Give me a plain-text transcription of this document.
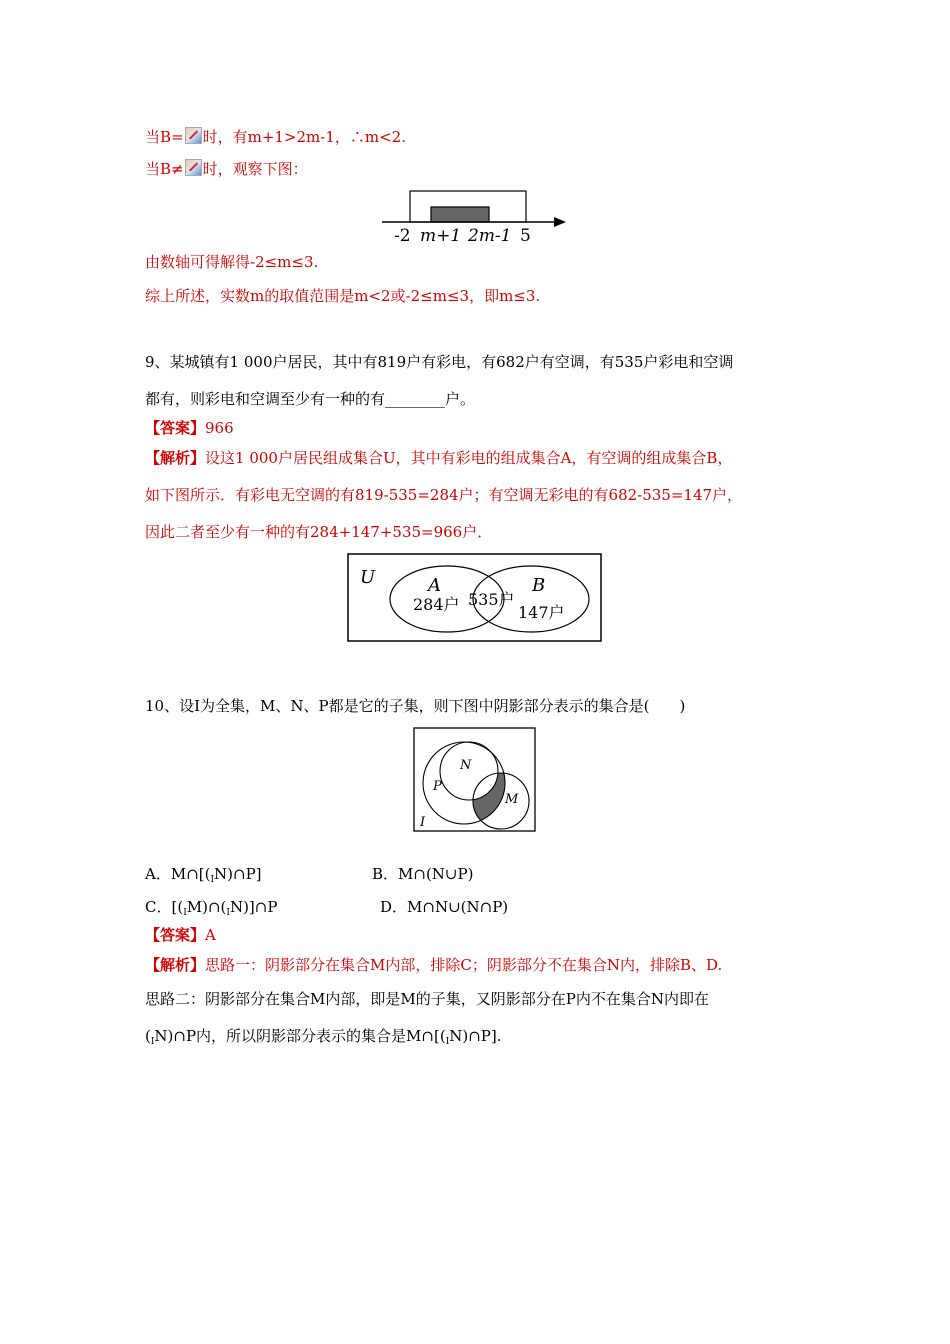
当B= 时，有m+1>2m-1，∴m<2.
当B≠ 时，观察下图：
-2 m+1 2m-1 5
由数轴可得解得-2≤m≤3.
综上所述，实数m的取值范围是m<2或-2≤m≤3，即m≤3.
9、某城镇有1 000户居民，其中有819户有彩电，有682户有空调，有535户彩电和空调
都有，则彩电和空调至少有一种的有________户。
【答案】966
【解析】设这1 000户居民组成集合U，其中有彩电的组成集合A，有空调的组成集合B，
如下图所示．有彩电无空调的有819-535=284户；有空调无彩电的有682-535=147户，
因此二者至少有一种的有284+147+535=966户．
U	A	B
284户 535户
147户
10、设I为全集，M、N、P都是它的子集，则下图中阴影部分表示的集合是(　　)
N
P
M
I
A．$M\cap[(_IN)\cap P]$	B．M∩(N∪P)
C．$[(_IM)\cap(_IN)]\cap P$	D．M∩N∪(N∩P)
【答案】A
【解析】思路一：阴影部分在集合M内部，排除C；阴影部分不在集合N内，排除B、D.
思路二：阴影部分在集合M内部，即是M的子集，又阴影部分在P内不在集合N内即在
$(_IN)\cap P$内，所以阴影部分表示的集合是$M\cap[(_IN)\cap P]$.
